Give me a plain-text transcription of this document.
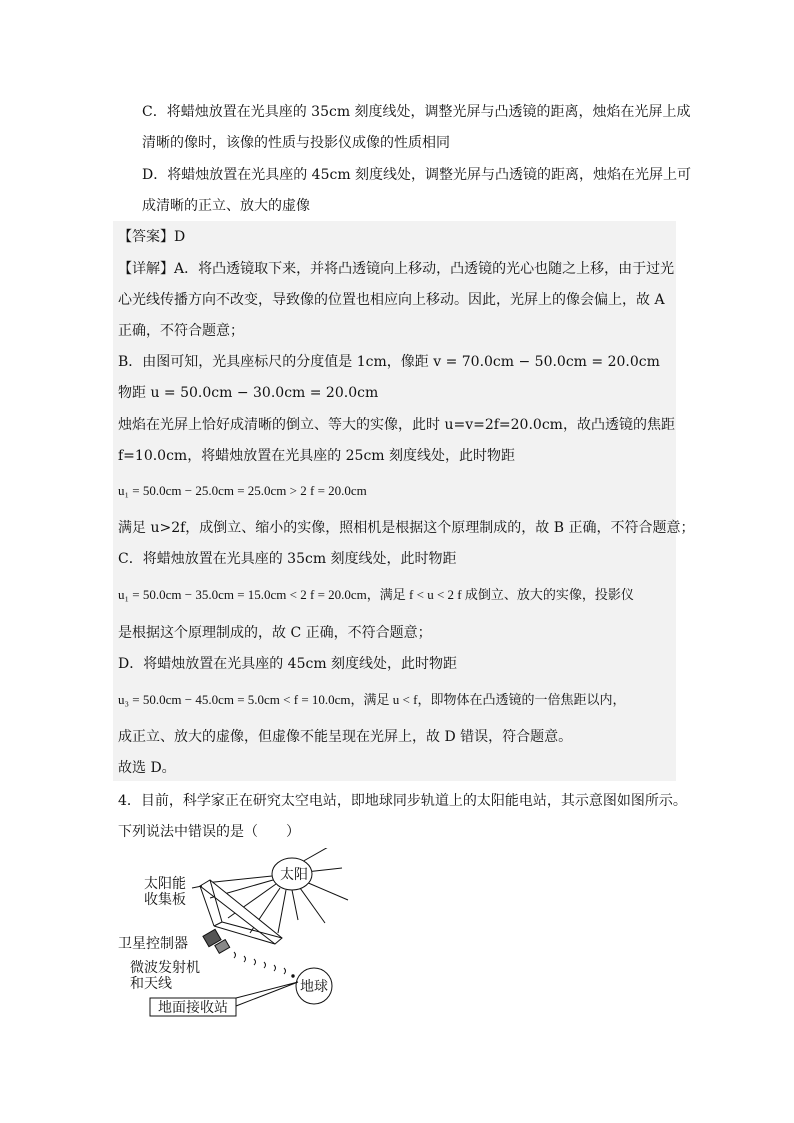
C．将蜡烛放置在光具座的 35cm 刻度线处，调整光屏与凸透镜的距离，烛焰在光屏上成
清晰的像时，该像的性质与投影仪成像的性质相同
D．将蜡烛放置在光具座的 45cm 刻度线处，调整光屏与凸透镜的距离，烛焰在光屏上可
成清晰的正立、放大的虚像
【答案】D
【详解】A．将凸透镜取下来，并将凸透镜向上移动，凸透镜的光心也随之上移，由于过光
心光线传播方向不改变，导致像的位置也相应向上移动。因此，光屏上的像会偏上，故 A
正确，不符合题意；
B．由图可知，光具座标尺的分度值是 1cm，像距 v = 70.0cm − 50.0cm = 20.0cm
物距 u = 50.0cm − 30.0cm = 20.0cm
烛焰在光屏上恰好成清晰的倒立、等大的实像，此时 u=v=2f=20.0cm，故凸透镜的焦距
f=10.0cm，将蜡烛放置在光具座的 25cm 刻度线处，此时物距
u₁ = 50.0cm − 25.0cm = 25.0cm > 2 f = 20.0cm
满足 u>2f，成倒立、缩小的实像，照相机是根据这个原理制成的，故 B 正确，不符合题意；
C．将蜡烛放置在光具座的 35cm 刻度线处，此时物距
u₁ = 50.0cm − 35.0cm = 15.0cm < 2 f = 20.0cm，满足 f < u < 2 f 成倒立、放大的实像，投影仪
是根据这个原理制成的，故 C 正确，不符合题意；
D．将蜡烛放置在光具座的 45cm 刻度线处，此时物距
u₃ = 50.0cm − 45.0cm = 5.0cm < f = 10.0cm，满足 u < f，即物体在凸透镜的一倍焦距以内，
成正立、放大的虚像，但虚像不能呈现在光屏上，故 D 错误，符合题意。
故选 D。
4．目前，科学家正在研究太空电站，即地球同步轨道上的太阳能电站，其示意图如图所示。
下列说法中错误的是（　　）
太阳
太阳能
收集板
卫星控制器
微波发射机
和天线	地球
地面接收站
